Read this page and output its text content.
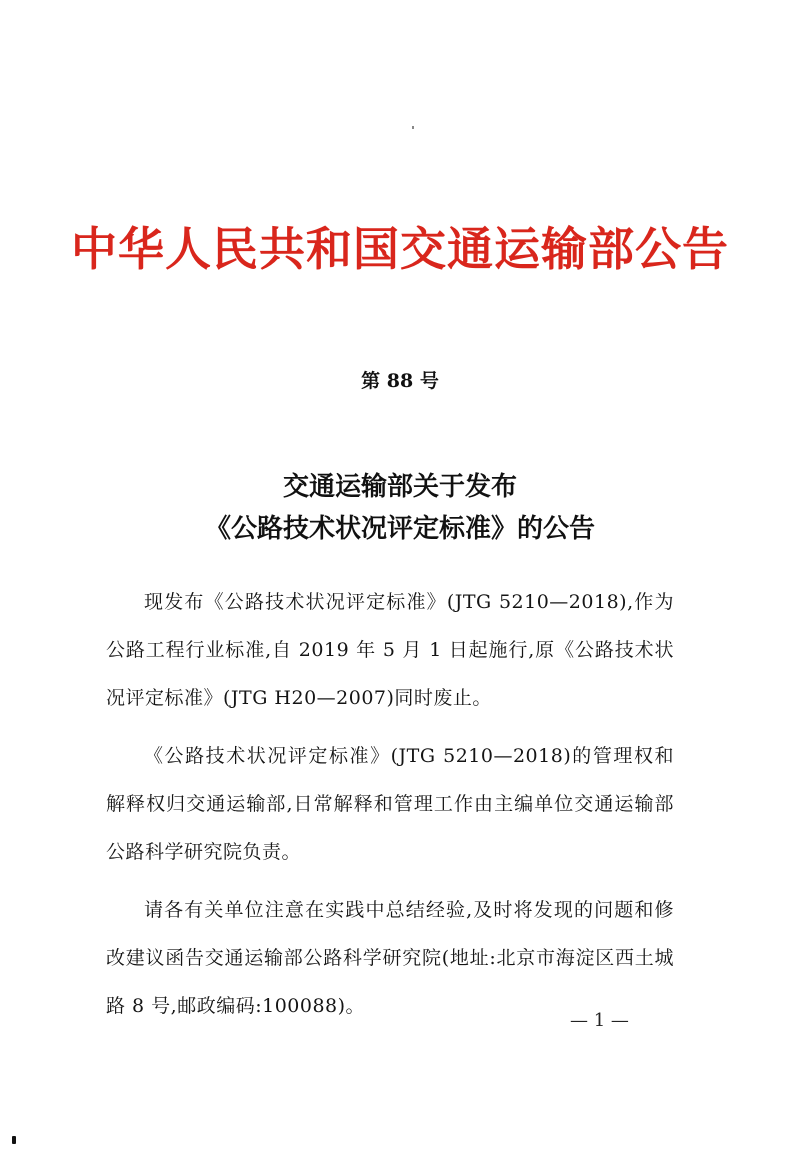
中华人民共和国交通运输部公告
第 88 号
交通运输部关于发布
《公路技术状况评定标准》的公告

现发布《公路技术状况评定标准》(JTG 5210—2018),作为公路工程行业标准,自 2019 年 5 月 1 日起施行,原《公路技术状况评定标准》(JTG H20—2007)同时废止。

《公路技术状况评定标准》(JTG 5210—2018)的管理权和解释权归交通运输部,日常解释和管理工作由主编单位交通运输部公路科学研究院负责。

请各有关单位注意在实践中总结经验,及时将发现的问题和修改建议函告交通运输部公路科学研究院(地址:北京市海淀区西土城路 8 号,邮政编码:100088)。

— 1 —
